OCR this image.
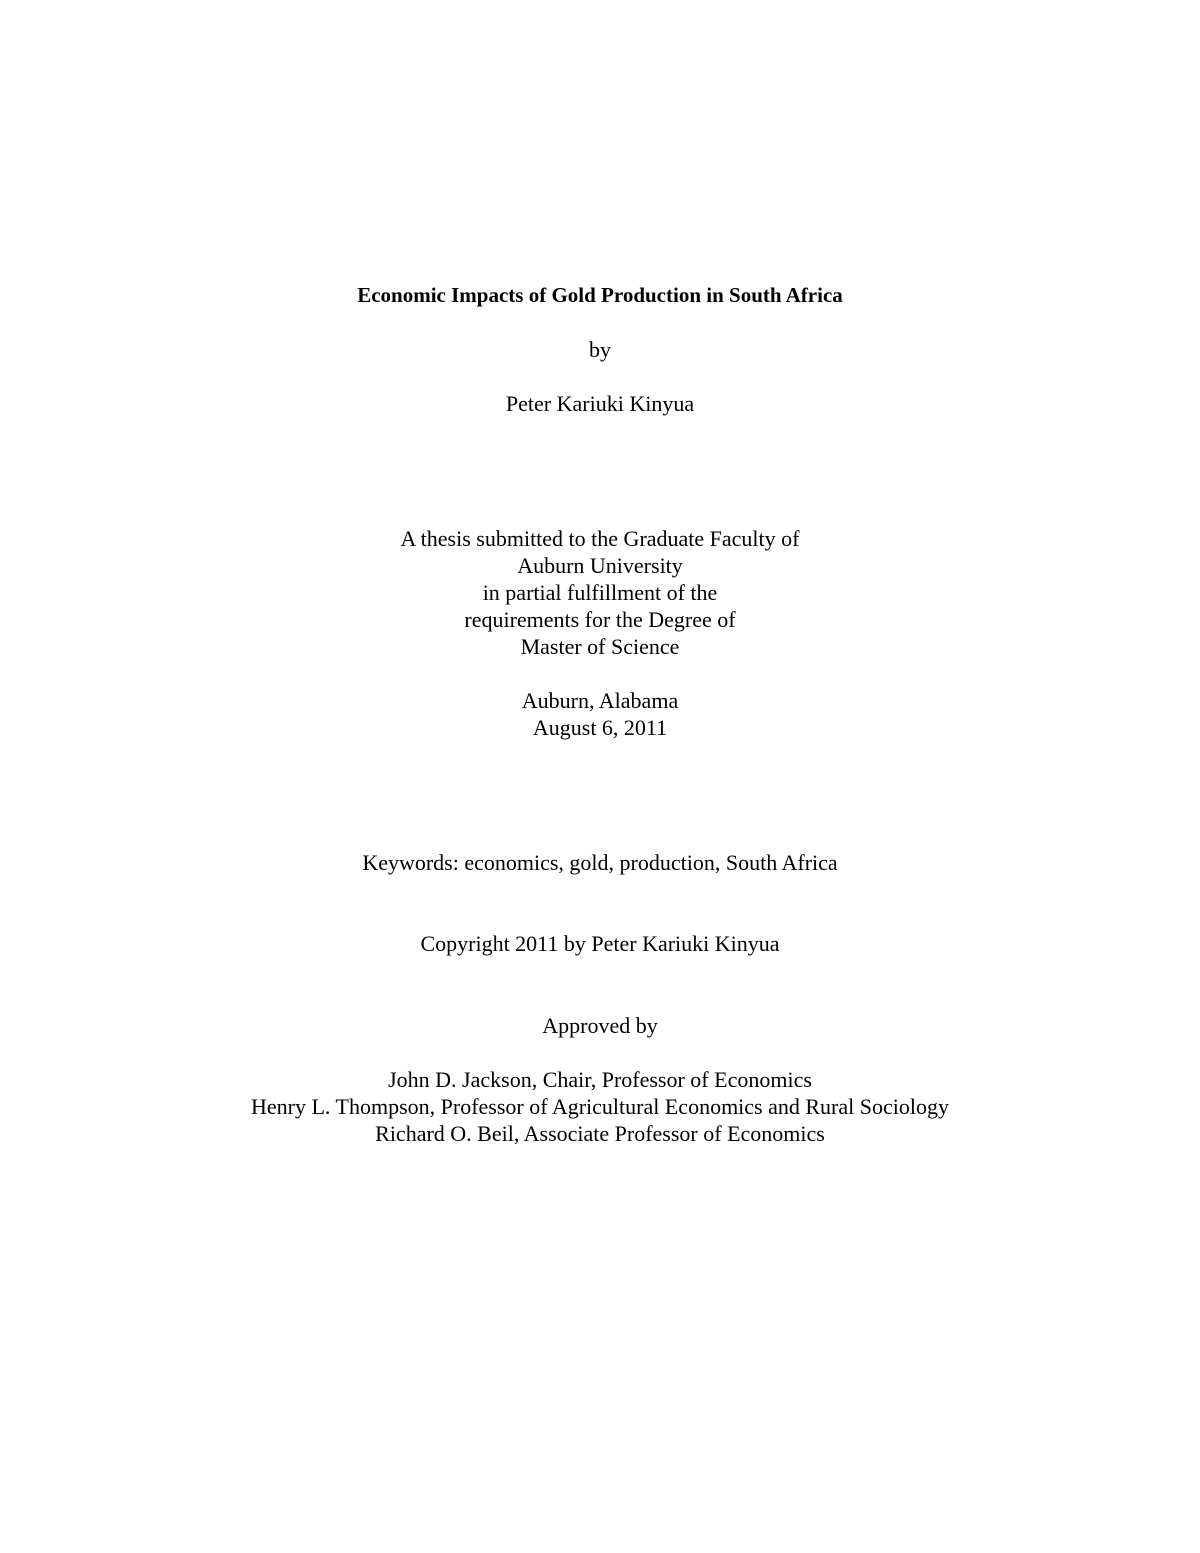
Economic Impacts of Gold Production in South Africa
by
Peter Kariuki Kinyua
A thesis submitted to the Graduate Faculty of
Auburn University
in partial fulfillment of the
requirements for the Degree of
Master of Science
Auburn, Alabama
August 6, 2011
Keywords: economics, gold, production, South Africa
Copyright 2011 by Peter Kariuki Kinyua
Approved by
John D. Jackson, Chair, Professor of Economics
Henry L. Thompson, Professor of Agricultural Economics and Rural Sociology
Richard O. Beil, Associate Professor of Economics
